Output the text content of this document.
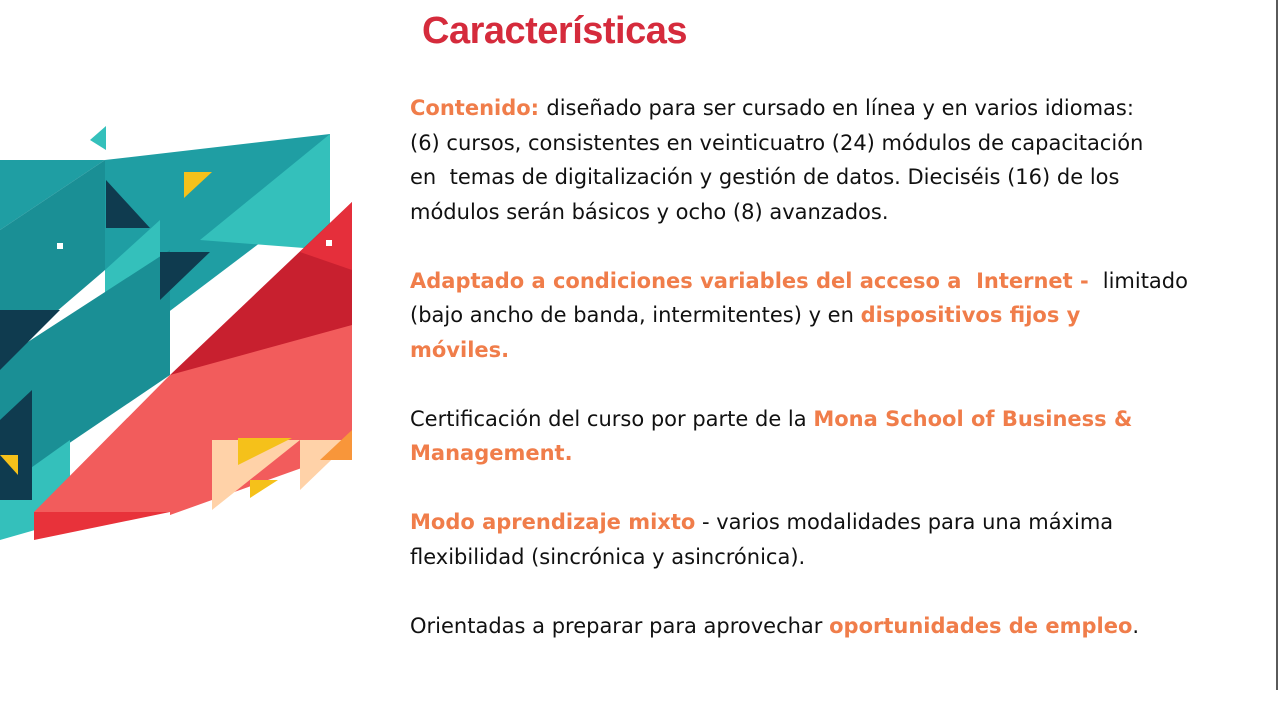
Características
Contenido: diseñado para ser cursado en línea y en varios idiomas:
(6) cursos, consistentes en veinticuatro (24) módulos de capacitación
en  temas de digitalización y gestión de datos. Dieciséis (16) de los
módulos serán básicos y ocho (8) avanzados.
Adaptado a condiciones variables del acceso a  Internet -  limitado
(bajo ancho de banda, intermitentes) y en dispositivos fijos y
móviles.
Certificación del curso por parte de la Mona School of Business &
Management.
Modo aprendizaje mixto - varios modalidades para una máxima
flexibilidad (sincrónica y asincrónica).
Orientadas a preparar para aprovechar oportunidades de empleo.
